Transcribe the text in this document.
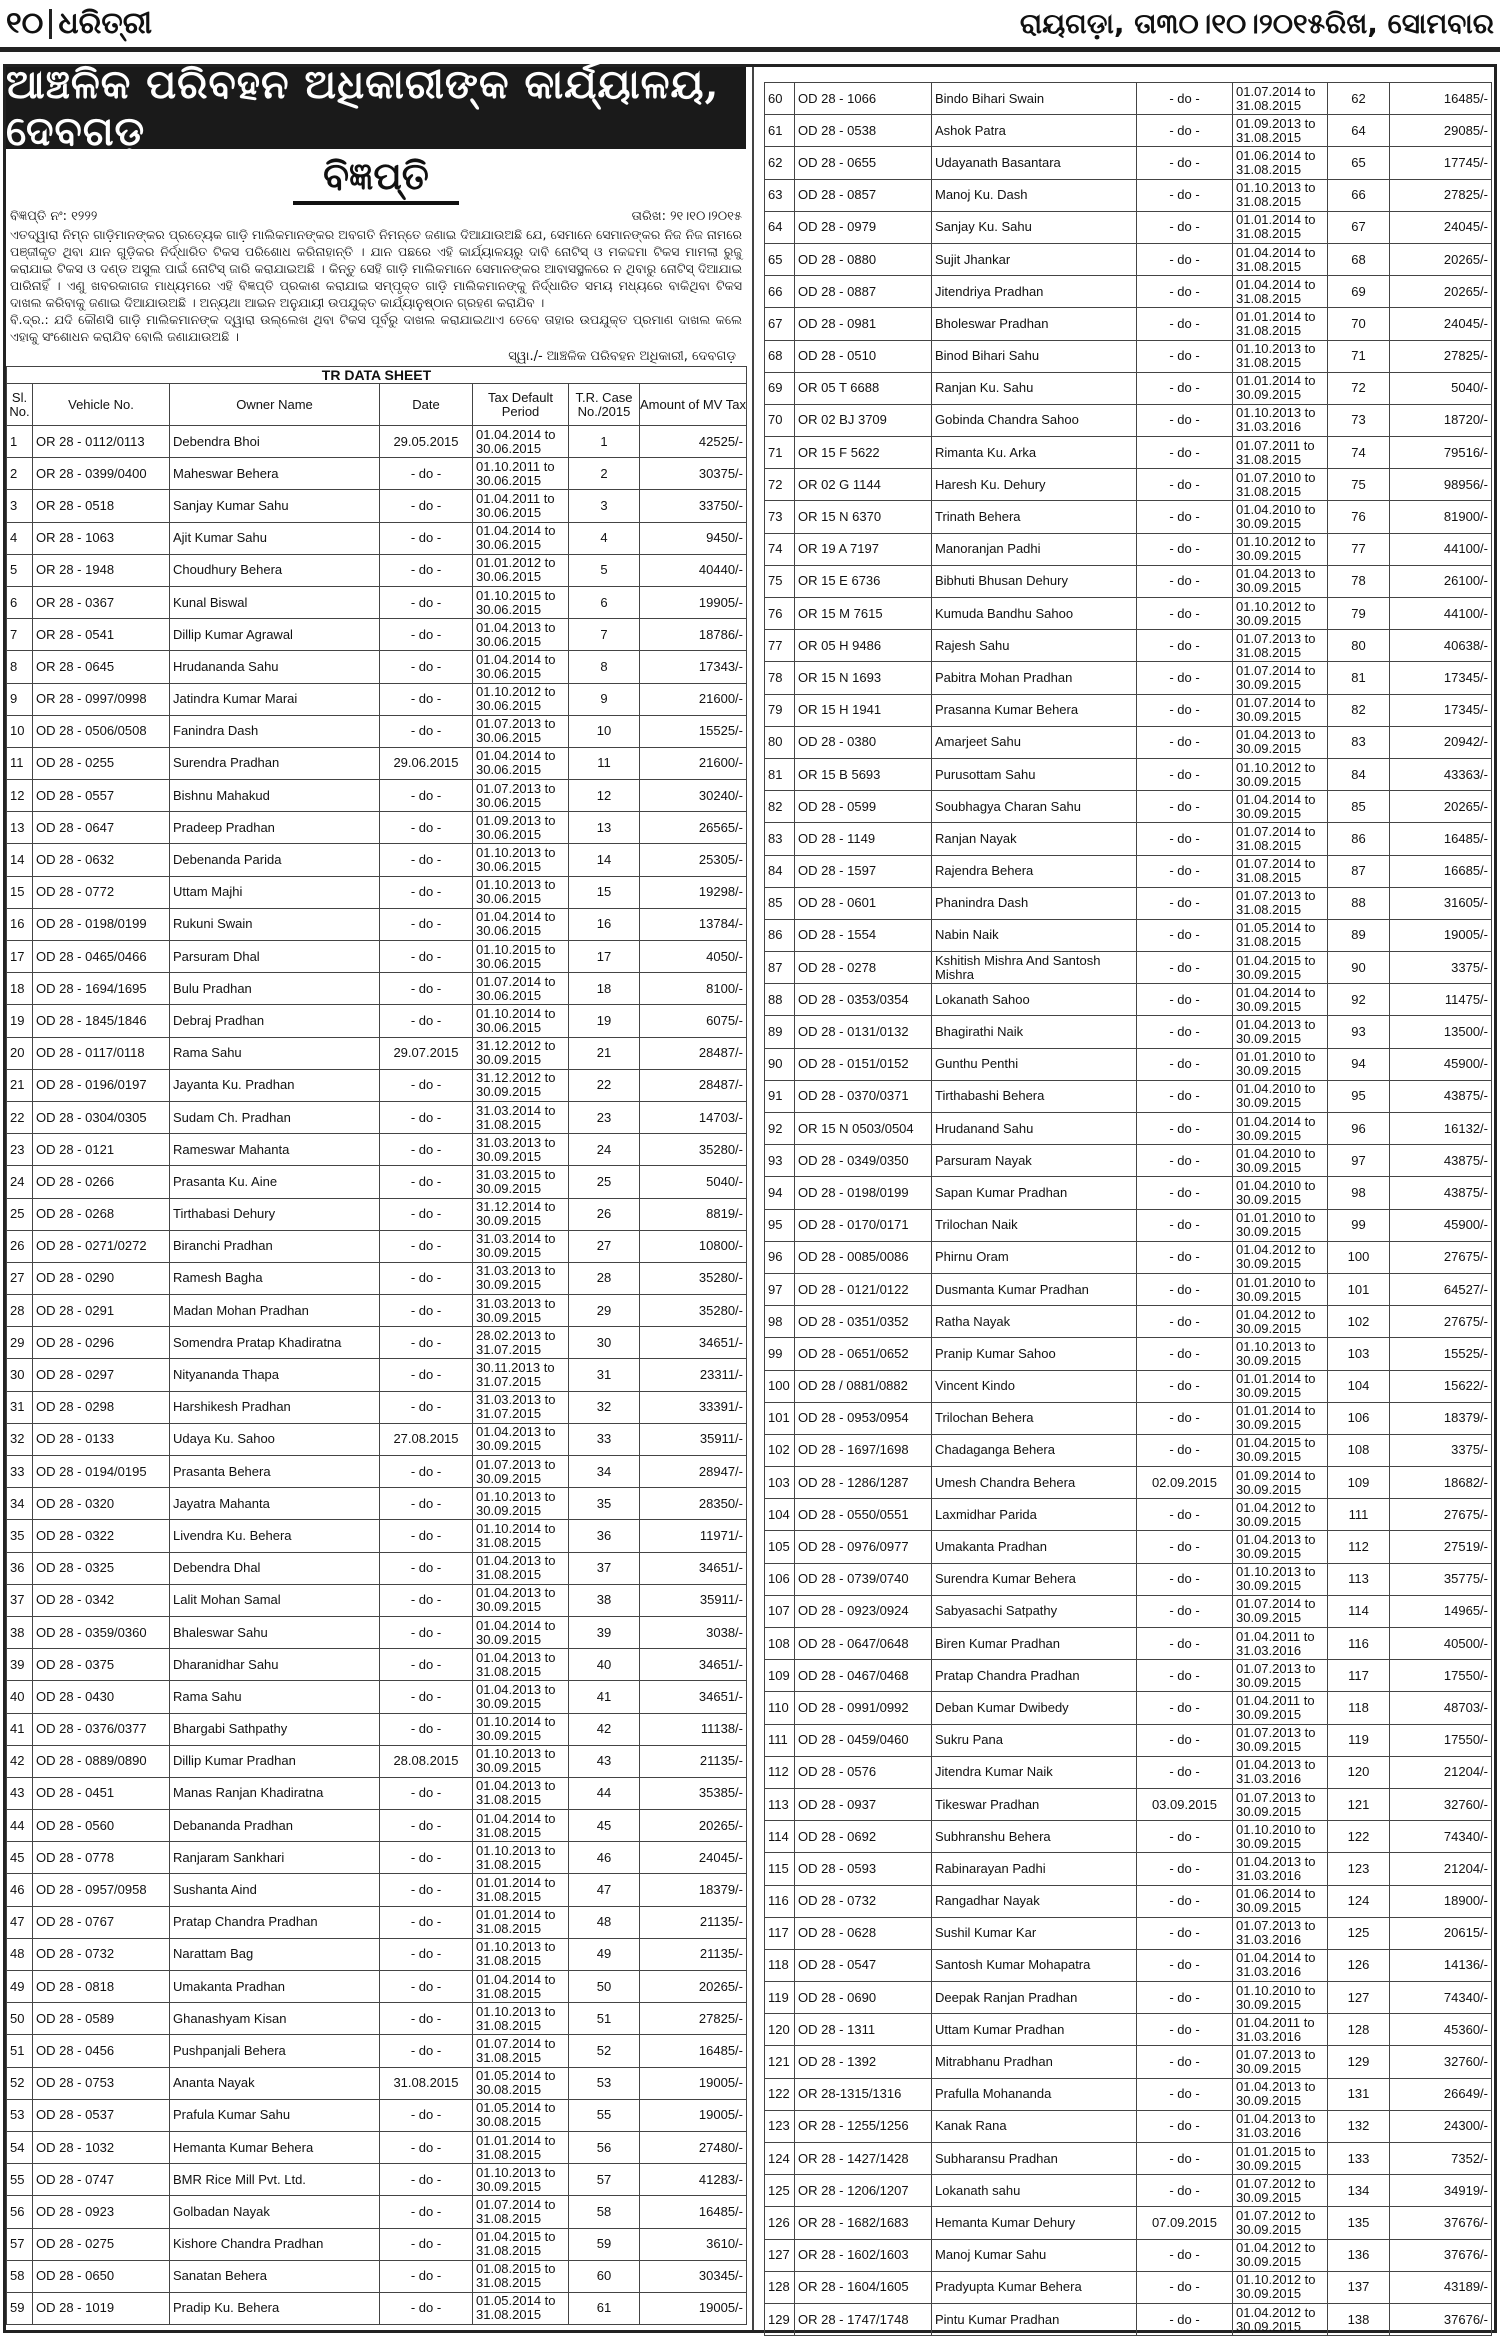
୧୦ ଧରିତ୍ରୀ	ରାୟଗଡ଼ା, ତା୩୦।୧୦।୨୦୧୫ରିଖ, ସୋମବାର
ଆଞ୍ଚଳିକ ପରିବହନ ଅଧିକାରୀଙ୍କ କାର୍ଯ୍ୟାଳୟ, ଦେବଗଡ଼
ବିଜ୍ଞପ୍ତି
ବିଜ୍ଞପ୍ତି ନଂ: ୧୨୨୨	ତାରିଖ: ୨୧।୧୦।୨୦୧୫

ଏତଦ୍ୱାରା ନିମ୍ନ ଗାଡ଼ିମାନଙ୍କର ପ୍ରତ୍ୟେକ ଗାଡ଼ି ମାଲିକମାନଙ୍କର ଅବଗତି ନିମନ୍ତେ ଜଣାଇ ଦିଆଯାଉଅଛି ଯେ, ସେମାନେ ସେମାନଙ୍କର ନିଜ ନିଜ ନାମରେ ପଞ୍ଜୀକୃତ ଥିବା ଯାନ ଗୁଡ଼ିକର ନିର୍ଦ୍ଧାରିତ ଟିକସ ପରିଶୋଧ କରିନାହାନ୍ତି । ଯାନ ପଛରେ ଏହି କାର୍ଯ୍ୟାଳୟରୁ ଦାବି ନୋଟିସ୍ ଓ ମକଦ୍ଦମା ଟିକସ ମାମଲା ରୁଜୁ କରାଯାଇ ଟିକସ ଓ ଦଣ୍ଡ ଅସୁଲ ପାଇଁ ନୋଟିସ୍ ଜାରି କରାଯାଇଅଛି । କିନ୍ତୁ ସେହି ଗାଡ଼ି ମାଲିକମାନେ ସେମାନଙ୍କର ଆବାସସ୍ଥଳରେ ନ ଥିବାରୁ ନୋଟିସ୍ ଦିଆଯାଇ ପାରିନାହିଁ । ଏଣୁ ଖବରକାଗଜ ମାଧ୍ୟମରେ ଏହି ବିଜ୍ଞପ୍ତି ପ୍ରକାଶ କରାଯାଇ ସମ୍ପୃକ୍ତ ଗାଡ଼ି ମାଲିକମାନଙ୍କୁ ନିର୍ଦ୍ଧାରିତ ସମୟ ମଧ୍ୟରେ ବାକିଥିବା ଟିକସ ଦାଖଲ କରିବାକୁ ଜଣାଇ ଦିଆଯାଉଅଛି । ଅନ୍ୟଥା ଆଇନ ଅନୁଯାୟୀ ଉପଯୁକ୍ତ କାର୍ଯ୍ୟାନୁଷ୍ଠାନ ଗ୍ରହଣ କରାଯିବ ।

ବି.ଦ୍ର.: ଯଦି କୌଣସି ଗାଡ଼ି ମାଲିକମାନଙ୍କ ଦ୍ୱାରା ଉଲ୍ଲେଖ ଥିବା ଟିକସ ପୂର୍ବରୁ ଦାଖଲ କରାଯାଇଥାଏ ତେବେ ତାହାର ଉପଯୁକ୍ତ ପ୍ରମାଣ ଦାଖଲ କଲେ ଏହାକୁ ସଂଶୋଧନ କରାଯିବ ବୋଲି ଜଣାଯାଉଅଛି ।

ସ୍ୱା./- ଆଞ୍ଚଳିକ ପରିବହନ ଅଧିକାରୀ, ଦେବଗଡ଼
TR DATA SHEET
Sl. No.	Vehicle No.	Owner Name	Date	Tax Default Period	T.R. Case No./2015	Amount of MV Tax
1	OR 28 - 0112/0113	Debendra Bhoi	29.05.2015	01.04.2014 to 30.06.2015	1	42525/-
2	OR 28 - 0399/0400	Maheswar Behera	- do -	01.10.2011 to 30.06.2015	2	30375/-
3	OR 28 - 0518	Sanjay Kumar Sahu	- do -	01.04.2011 to 30.06.2015	3	33750/-
4	OR 28 - 1063	Ajit Kumar Sahu	- do -	01.04.2014 to 30.06.2015	4	9450/-
5	OR 28 - 1948	Choudhury Behera	- do -	01.01.2012 to 30.06.2015	5	40440/-
6	OR 28 - 0367	Kunal Biswal	- do -	01.10.2015 to 30.06.2015	6	19905/-
7	OR 28 - 0541	Dillip Kumar Agrawal	- do -	01.04.2013 to 30.06.2015	7	18786/-
8	OR 28 - 0645	Hrudananda Sahu	- do -	01.04.2014 to 30.06.2015	8	17343/-
9	OR 28 - 0997/0998	Jatindra Kumar Marai	- do -	01.10.2012 to 30.06.2015	9	21600/-
10	OD 28 - 0506/0508	Fanindra Dash	- do -	01.07.2013 to 30.06.2015	10	15525/-
11	OD 28 - 0255	Surendra Pradhan	29.06.2015	01.04.2014 to 30.06.2015	11	21600/-
12	OD 28 - 0557	Bishnu Mahakud	- do -	01.07.2013 to 30.06.2015	12	30240/-
13	OD 28 - 0647	Pradeep Pradhan	- do -	01.09.2013 to 30.06.2015	13	26565/-
14	OD 28 - 0632	Debenanda Parida	- do -	01.10.2013 to 30.06.2015	14	25305/-
15	OD 28 - 0772	Uttam Majhi	- do -	01.10.2013 to 30.06.2015	15	19298/-
16	OD 28 - 0198/0199	Rukuni Swain	- do -	01.04.2014 to 30.06.2015	16	13784/-
17	OD 28 - 0465/0466	Parsuram Dhal	- do -	01.10.2015 to 30.06.2015	17	4050/-
18	OD 28 - 1694/1695	Bulu Pradhan	- do -	01.07.2014 to 30.06.2015	18	8100/-
19	OD 28 - 1845/1846	Debraj Pradhan	- do -	01.10.2014 to 30.06.2015	19	6075/-
20	OD 28 - 0117/0118	Rama Sahu	29.07.2015	31.12.2012 to 30.09.2015	21	28487/-
21	OD 28 - 0196/0197	Jayanta Ku. Pradhan	- do -	31.12.2012 to 30.09.2015	22	28487/-
22	OD 28 - 0304/0305	Sudam Ch. Pradhan	- do -	31.03.2014 to 31.08.2015	23	14703/-
23	OD 28 - 0121	Rameswar Mahanta	- do -	31.03.2013 to 30.09.2015	24	35280/-
24	OD 28 - 0266	Prasanta Ku. Aine	- do -	31.03.2015 to 30.09.2015	25	5040/-
25	OD 28 - 0268	Tirthabasi Dehury	- do -	31.12.2014 to 30.09.2015	26	8819/-
26	OD 28 - 0271/0272	Biranchi Pradhan	- do -	31.03.2014 to 30.09.2015	27	10800/-
27	OD 28 - 0290	Ramesh Bagha	- do -	31.03.2013 to 30.09.2015	28	35280/-
28	OD 28 - 0291	Madan Mohan Pradhan	- do -	31.03.2013 to 30.09.2015	29	35280/-
29	OD 28 - 0296	Somendra Pratap Khadiratna	- do -	28.02.2013 to 31.07.2015	30	34651/-
30	OD 28 - 0297	Nityananda Thapa	- do -	30.11.2013 to 31.07.2015	31	23311/-
31	OD 28 - 0298	Harshikesh Pradhan	- do -	31.03.2013 to 31.07.2015	32	33391/-
32	OD 28 - 0133	Udaya Ku. Sahoo	27.08.2015	01.04.2013 to 30.09.2015	33	35911/-
33	OD 28 - 0194/0195	Prasanta Behera	- do -	01.07.2013 to 30.09.2015	34	28947/-
34	OD 28 - 0320	Jayatra Mahanta	- do -	01.10.2013 to 30.09.2015	35	28350/-
35	OD 28 - 0322	Livendra Ku. Behera	- do -	01.10.2014 to 31.08.2015	36	11971/-
36	OD 28 - 0325	Debendra Dhal	- do -	01.04.2013 to 31.08.2015	37	34651/-
37	OD 28 - 0342	Lalit Mohan Samal	- do -	01.04.2013 to 30.09.2015	38	35911/-
38	OD 28 - 0359/0360	Bhaleswar Sahu	- do -	01.04.2014 to 30.09.2015	39	3038/-
39	OD 28 - 0375	Dharanidhar Sahu	- do -	01.04.2013 to 31.08.2015	40	34651/-
40	OD 28 - 0430	Rama Sahu	- do -	01.04.2013 to 30.09.2015	41	34651/-
41	OD 28 - 0376/0377	Bhargabi Sathpathy	- do -	01.10.2014 to 30.09.2015	42	11138/-
42	OD 28 - 0889/0890	Dillip Kumar Pradhan	28.08.2015	01.10.2013 to 30.09.2015	43	21135/-
43	OD 28 - 0451	Manas Ranjan Khadiratna	- do -	01.04.2013 to 31.08.2015	44	35385/-
44	OD 28 - 0560	Debananda Pradhan	- do -	01.04.2014 to 31.08.2015	45	20265/-
45	OD 28 - 0778	Ranjaram Sankhari	- do -	01.10.2013 to 31.08.2015	46	24045/-
46	OD 28 - 0957/0958	Sushanta Aind	- do -	01.01.2014 to 31.08.2015	47	18379/-
47	OD 28 - 0767	Pratap Chandra Pradhan	- do -	01.01.2014 to 31.08.2015	48	21135/-
48	OD 28 - 0732	Narattam Bag	- do -	01.10.2013 to 31.08.2015	49	21135/-
49	OD 28 - 0818	Umakanta Pradhan	- do -	01.04.2014 to 31.08.2015	50	20265/-
50	OD 28 - 0589	Ghanashyam Kisan	- do -	01.10.2013 to 31.08.2015	51	27825/-
51	OD 28 - 0456	Pushpanjali Behera	- do -	01.07.2014 to 31.08.2015	52	16485/-
52	OD 28 - 0753	Ananta Nayak	31.08.2015	01.05.2014 to 30.08.2015	53	19005/-
53	OD 28 - 0537	Prafula Kumar Sahu	- do -	01.05.2014 to 30.08.2015	55	19005/-
54	OD 28 - 1032	Hemanta Kumar Behera	- do -	01.01.2014 to 31.08.2015	56	27480/-
55	OD 28 - 0747	BMR Rice Mill Pvt. Ltd.	- do -	01.10.2013 to 30.09.2015	57	41283/-
56	OD 28 - 0923	Golbadan Nayak	- do -	01.07.2014 to 31.08.2015	58	16485/-
57	OD 28 - 0275	Kishore Chandra Pradhan	- do -	01.04.2015 to 31.08.2015	59	3610/-
58	OD 28 - 0650	Sanatan Behera	- do -	01.08.2015 to 31.08.2015	60	30345/-
59	OD 28 - 1019	Pradip Ku. Behera	- do -	01.05.2014 to 31.08.2015	61	19005/-
60	OD 28 - 1066	Bindo Bihari Swain	- do -	01.07.2014 to 31.08.2015	62	16485/-
61	OD 28 - 0538	Ashok Patra	- do -	01.09.2013 to 31.08.2015	64	29085/-
62	OD 28 - 0655	Udayanath Basantara	- do -	01.06.2014 to 31.08.2015	65	17745/-
63	OD 28 - 0857	Manoj Ku. Dash	- do -	01.10.2013 to 31.08.2015	66	27825/-
64	OD 28 - 0979	Sanjay Ku. Sahu	- do -	01.01.2014 to 31.08.2015	67	24045/-
65	OD 28 - 0880	Sujit Jhankar	- do -	01.04.2014 to 31.08.2015	68	20265/-
66	OD 28 - 0887	Jitendriya Pradhan	- do -	01.04.2014 to 31.08.2015	69	20265/-
67	OD 28 - 0981	Bholeswar Pradhan	- do -	01.01.2014 to 31.08.2015	70	24045/-
68	OD 28 - 0510	Binod Bihari Sahu	- do -	01.10.2013 to 31.08.2015	71	27825/-
69	OR 05 T 6688	Ranjan Ku. Sahu	- do -	01.01.2014 to 30.09.2015	72	5040/-
70	OR 02 BJ 3709	Gobinda Chandra Sahoo	- do -	01.10.2013 to 31.03.2016	73	18720/-
71	OR 15 F 5622	Rimanta Ku. Arka	- do -	01.07.2011 to 31.08.2015	74	79516/-
72	OR 02 G 1144	Haresh Ku. Dehury	- do -	01.07.2010 to 31.08.2015	75	98956/-
73	OR 15 N 6370	Trinath Behera	- do -	01.04.2010 to 30.09.2015	76	81900/-
74	OR 19 A 7197	Manoranjan Padhi	- do -	01.10.2012 to 30.09.2015	77	44100/-
75	OR 15 E 6736	Bibhuti Bhusan Dehury	- do -	01.04.2013 to 30.09.2015	78	26100/-
76	OR 15 M 7615	Kumuda Bandhu Sahoo	- do -	01.10.2012 to 30.09.2015	79	44100/-
77	OR 05 H 9486	Rajesh Sahu	- do -	01.07.2013 to 31.08.2015	80	40638/-
78	OR 15 N 1693	Pabitra Mohan Pradhan	- do -	01.07.2014 to 30.09.2015	81	17345/-
79	OR 15 H 1941	Prasanna Kumar Behera	- do -	01.07.2014 to 30.09.2015	82	17345/-
80	OD 28 - 0380	Amarjeet Sahu	- do -	01.04.2013 to 30.09.2015	83	20942/-
81	OR 15 B 5693	Purusottam Sahu	- do -	01.10.2012 to 30.09.2015	84	43363/-
82	OD 28 - 0599	Soubhagya Charan Sahu	- do -	01.04.2014 to 30.09.2015	85	20265/-
83	OD 28 - 1149	Ranjan Nayak	- do -	01.07.2014 to 31.08.2015	86	16485/-
84	OD 28 - 1597	Rajendra Behera	- do -	01.07.2014 to 31.08.2015	87	16685/-
85	OD 28 - 0601	Phanindra Dash	- do -	01.07.2013 to 31.08.2015	88	31605/-
86	OD 28 - 1554	Nabin Naik	- do -	01.05.2014 to 31.08.2015	89	19005/-
87	OD 28 - 0278	Kshitish Mishra And Santosh Mishra	- do -	01.04.2015 to 30.09.2015	90	3375/-
88	OD 28 - 0353/0354	Lokanath Sahoo	- do -	01.04.2014 to 30.09.2015	92	11475/-
89	OD 28 - 0131/0132	Bhagirathi Naik	- do -	01.04.2013 to 30.09.2015	93	13500/-
90	OD 28 - 0151/0152	Gunthu Penthi	- do -	01.01.2010 to 30.09.2015	94	45900/-
91	OD 28 - 0370/0371	Tirthabashi Behera	- do -	01.04.2010 to 30.09.2015	95	43875/-
92	OR 15 N 0503/0504	Hrudanand Sahu	- do -	01.04.2014 to 30.09.2015	96	16132/-
93	OD 28 - 0349/0350	Parsuram Nayak	- do -	01.04.2010 to 30.09.2015	97	43875/-
94	OD 28 - 0198/0199	Sapan Kumar Pradhan	- do -	01.04.2010 to 30.09.2015	98	43875/-
95	OD 28 - 0170/0171	Trilochan Naik	- do -	01.01.2010 to 30.09.2015	99	45900/-
96	OD 28 - 0085/0086	Phirnu Oram	- do -	01.04.2012 to 30.09.2015	100	27675/-
97	OD 28 - 0121/0122	Dusmanta Kumar Pradhan	- do -	01.01.2010 to 30.09.2015	101	64527/-
98	OD 28 - 0351/0352	Ratha Nayak	- do -	01.04.2012 to 30.09.2015	102	27675/-
99	OD 28 - 0651/0652	Pranip Kumar Sahoo	- do -	01.10.2013 to 30.09.2015	103	15525/-
100	OD 28 / 0881/0882	Vincent Kindo	- do -	01.01.2014 to 30.09.2015	104	15622/-
101	OD 28 - 0953/0954	Trilochan Behera	- do -	01.01.2014 to 30.09.2015	106	18379/-
102	OD 28 - 1697/1698	Chadaganga Behera	- do -	01.04.2015 to 30.09.2015	108	3375/-
103	OD 28 - 1286/1287	Umesh Chandra Behera	02.09.2015	01.09.2014 to 30.09.2015	109	18682/-
104	OD 28 - 0550/0551	Laxmidhar Parida	- do -	01.04.2012 to 30.09.2015	111	27675/-
105	OD 28 - 0976/0977	Umakanta Pradhan	- do -	01.04.2013 to 30.09.2015	112	27519/-
106	OD 28 - 0739/0740	Surendra Kumar Behera	- do -	01.10.2013 to 30.09.2015	113	35775/-
107	OD 28 - 0923/0924	Sabyasachi Satpathy	- do -	01.07.2014 to 30.09.2015	114	14965/-
108	OD 28 - 0647/0648	Biren Kumar Pradhan	- do -	01.04.2011 to 31.03.2016	116	40500/-
109	OD 28 - 0467/0468	Pratap Chandra Pradhan	- do -	01.07.2013 to 30.09.2015	117	17550/-
110	OD 28 - 0991/0992	Deban Kumar Dwibedy	- do -	01.04.2011 to 30.09.2015	118	48703/-
111	OD 28 - 0459/0460	Sukru Pana	- do -	01.07.2013 to 30.09.2015	119	17550/-
112	OD 28 - 0576	Jitendra Kumar Naik	- do -	01.04.2013 to 31.03.2016	120	21204/-
113	OD 28 - 0937	Tikeswar Pradhan	03.09.2015	01.07.2013 to 30.09.2015	121	32760/-
114	OD 28 - 0692	Subhranshu Behera	- do -	01.10.2010 to 30.09.2015	122	74340/-
115	OD 28 - 0593	Rabinarayan Padhi	- do -	01.04.2013 to 31.03.2016	123	21204/-
116	OD 28 - 0732	Rangadhar Nayak	- do -	01.06.2014 to 30.09.2015	124	18900/-
117	OD 28 - 0628	Sushil Kumar Kar	- do -	01.07.2013 to 31.03.2016	125	20615/-
118	OD 28 - 0547	Santosh Kumar Mohapatra	- do -	01.04.2014 to 31.03.2016	126	14136/-
119	OD 28 - 0690	Deepak Ranjan Pradhan	- do -	01.10.2010 to 30.09.2015	127	74340/-
120	OD 28 - 1311	Uttam Kumar Pradhan	- do -	01.04.2011 to 31.03.2016	128	45360/-
121	OD 28 - 1392	Mitrabhanu Pradhan	- do -	01.07.2013 to 30.09.2015	129	32760/-
122	OR 28-1315/1316	Prafulla Mohananda	- do -	01.04.2013 to 30.09.2015	131	26649/-
123	OR 28 - 1255/1256	Kanak Rana	- do -	01.04.2013 to 31.03.2016	132	24300/-
124	OR 28 - 1427/1428	Subharansu Pradhan	- do -	01.01.2015 to 30.09.2015	133	7352/-
125	OR 28 - 1206/1207	Lokanath sahu	- do -	01.07.2012 to 30.09.2015	134	34919/-
126	OR 28 - 1682/1683	Hemanta Kumar Dehury	07.09.2015	01.07.2012 to 30.09.2015	135	37676/-
127	OR 28 - 1602/1603	Manoj Kumar Sahu	- do -	01.04.2012 to 30.09.2015	136	37676/-
128	OR 28 - 1604/1605	Pradyupta Kumar Behera	- do -	01.10.2012 to 30.09.2015	137	43189/-
129	OR 28 - 1747/1748	Pintu Kumar Pradhan	- do -	01.04.2012 to 30.09.2015	138	37676/-
